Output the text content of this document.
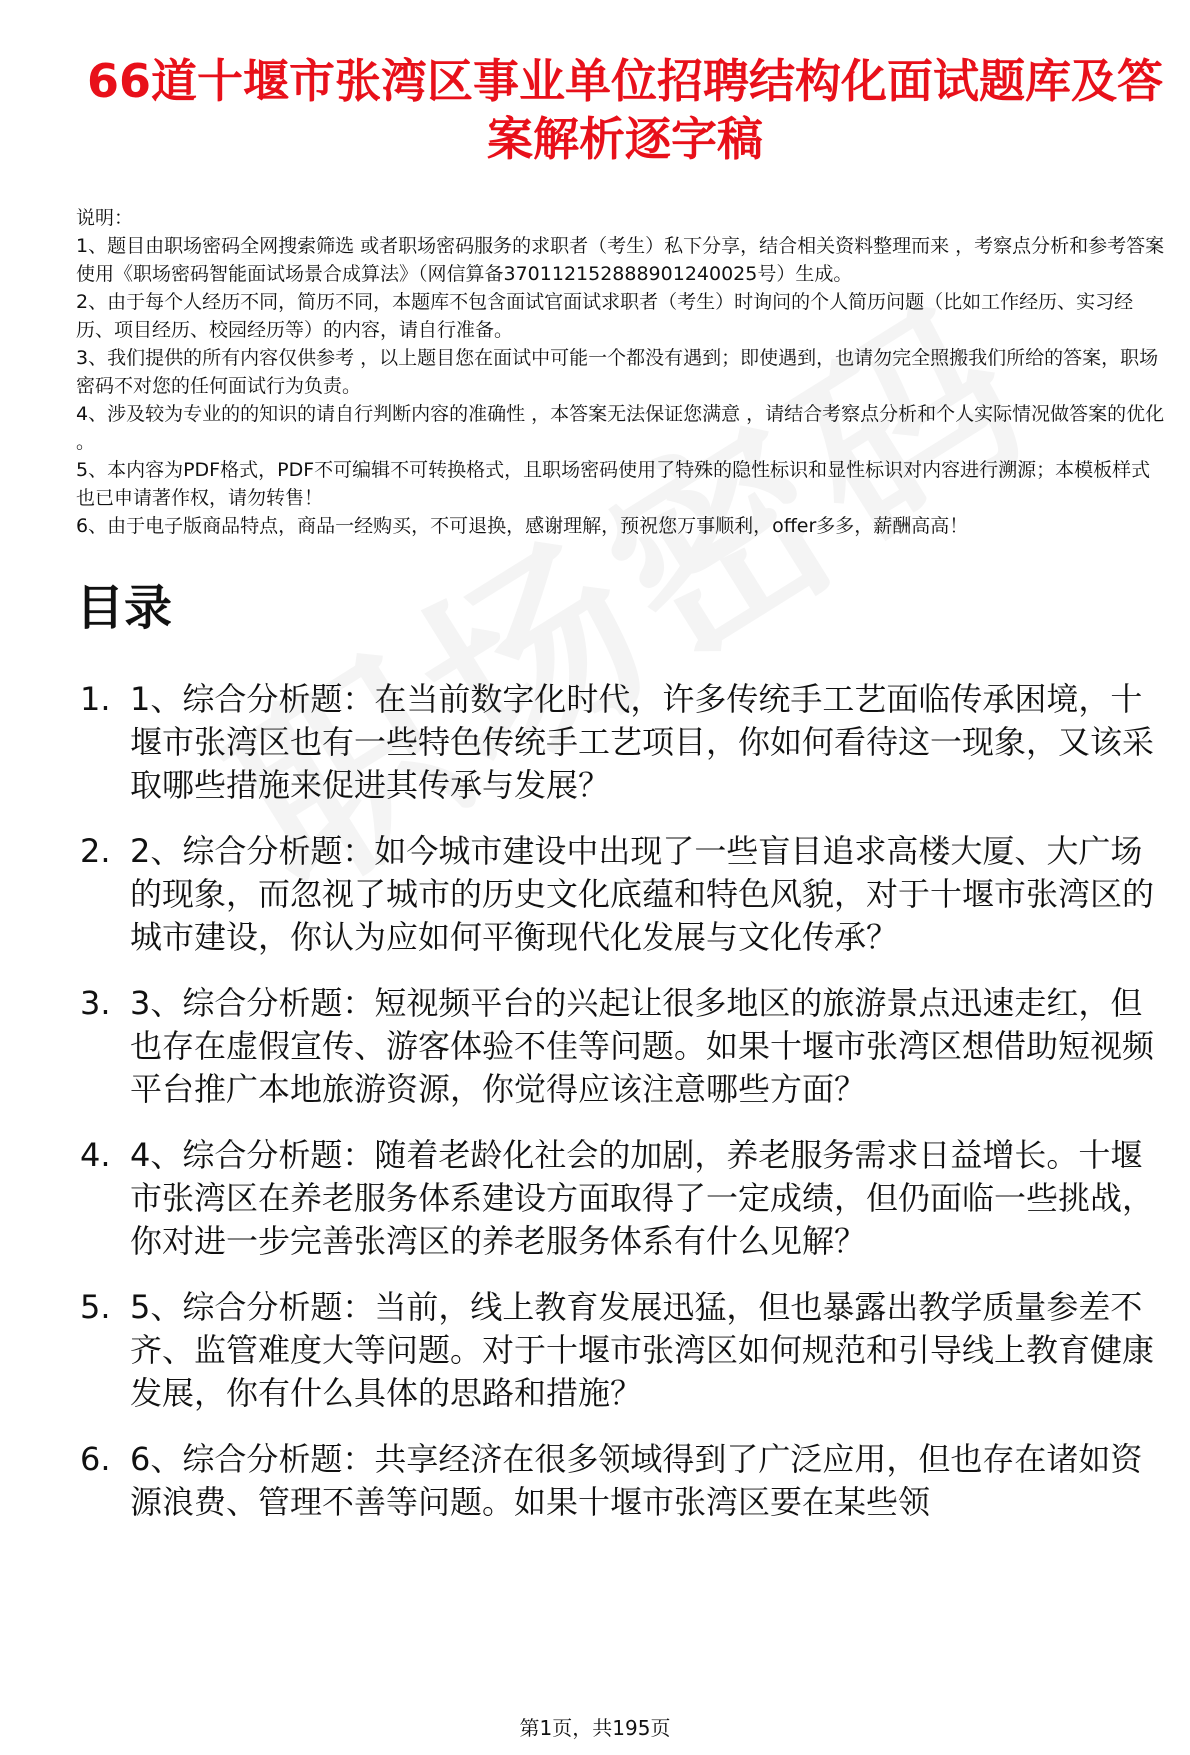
66道十堰市张湾区事业单位招聘结构化面试题库及答案解析逐字稿

说明：

1、题目由职场密码全网搜索筛选 或者职场密码服务的求职者（考生）私下分享，结合相关资料整理而来 ，考察点分析和参考答案使用《职场密码智能面试场景合成算法》（网信算备370112152888901240025号）生成。

2、由于每个人经历不同，简历不同，本题库不包含面试官面试求职者（考生）时询问的个人简历问题（比如工作经历、实习经历、项目经历、校园经历等）的内容，请自行准备。

3、我们提供的所有内容仅供参考 ，以上题目您在面试中可能一个都没有遇到；即使遇到，也请勿完全照搬我们所给的答案，职场密码不对您的任何面试行为负责。

4、涉及较为专业的的知识的请自行判断内容的准确性 ，本答案无法保证您满意 ，请结合考察点分析和个人实际情况做答案的优化 。

5、本内容为PDF格式，PDF不可编辑不可转换格式，且职场密码使用了特殊的隐性标识和显性标识对内容进行溯源；本模板样式也已申请著作权，请勿转售！

6、由于电子版商品特点，商品一经购买，不可退换，感谢理解，预祝您万事顺利，offer多多，薪酬高高！

目录
1. 1、综合分析题：在当前数字化时代，许多传统手工艺面临传承困境，十堰市张湾区也有一些特色传统手工艺项目，你如何看待这一现象，又该采取哪些措施来促进其传承与发展？
2. 2、综合分析题：如今城市建设中出现了一些盲目追求高楼大厦、大广场的现象，而忽视了城市的历史文化底蕴和特色风貌，对于十堰市张湾区的城市建设，你认为应如何平衡现代化发展与文化传承？
3. 3、综合分析题：短视频平台的兴起让很多地区的旅游景点迅速走红，但也存在虚假宣传、游客体验不佳等问题。如果十堰市张湾区想借助短视频平台推广本地旅游资源，你觉得应该注意哪些方面？
4. 4、综合分析题：随着老龄化社会的加剧，养老服务需求日益增长。十堰市张湾区在养老服务体系建设方面取得了一定成绩，但仍面临一些挑战，你对进一步完善张湾区的养老服务体系有什么见解？
5. 5、综合分析题：当前，线上教育发展迅猛，但也暴露出教学质量参差不齐、监管难度大等问题。对于十堰市张湾区如何规范和引导线上教育健康发展，你有什么具体的思路和措施？
6. 6、综合分析题：共享经济在很多领域得到了广泛应用，但也存在诸如资源浪费、管理不善等问题。如果十堰市张湾区要在某些领
第1页，共195页
